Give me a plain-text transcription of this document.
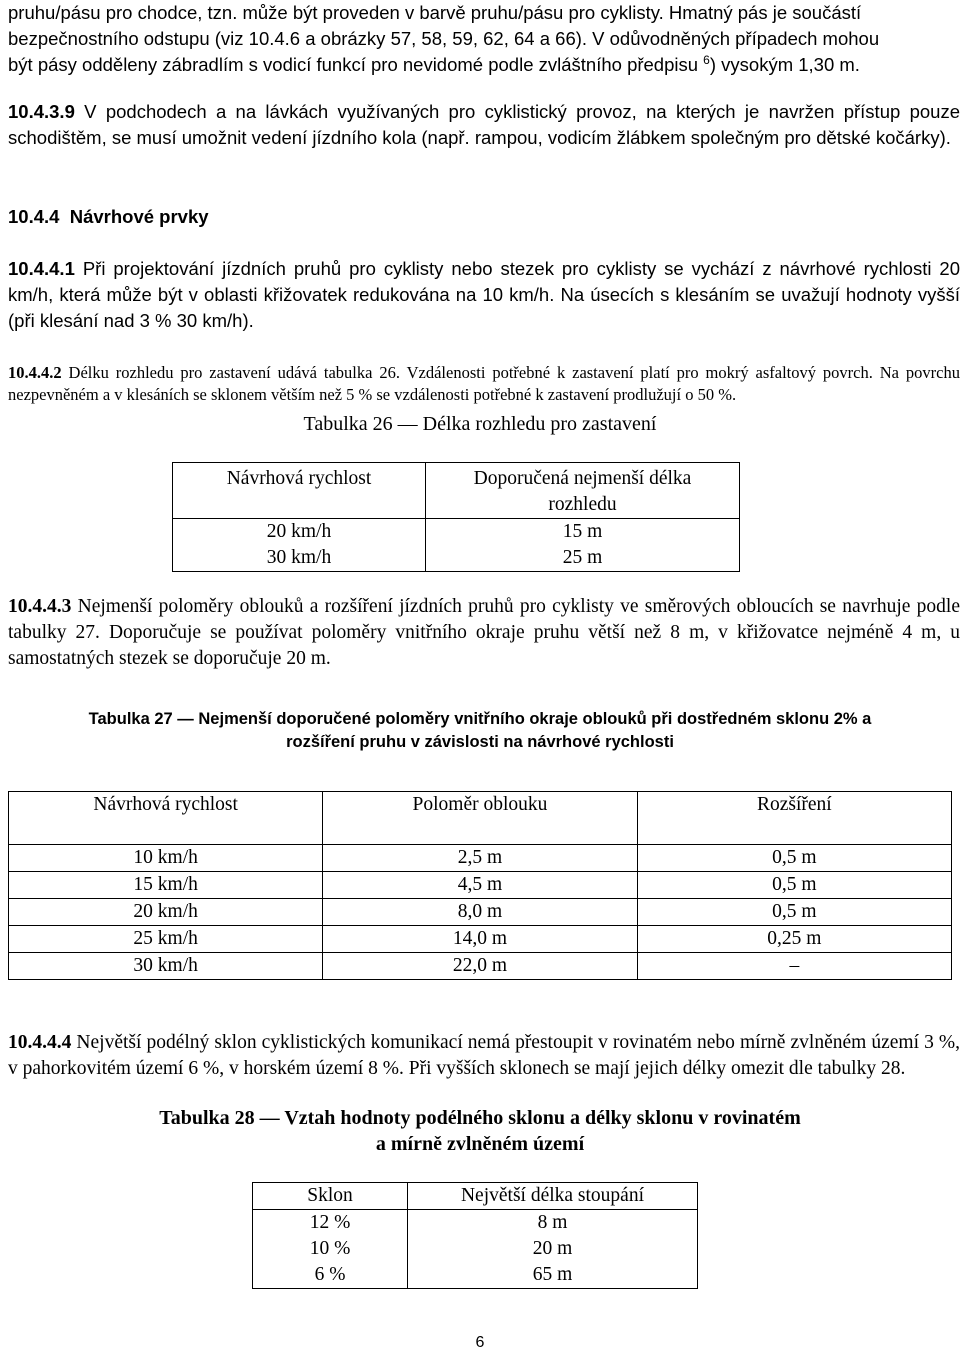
pruhu/pásu pro chodce, tzn. může být proveden v barvě pruhu/pásu pro cyklisty. Hmatný pás je součástí
bezpečnostního odstupu (viz 10.4.6 a obrázky 57, 58, 59, 62, 64 a 66). V odůvodněných případech mohou
být pásy odděleny zábradlím s vodicí funkcí pro nevidomé podle zvláštního předpisu $^6$) vysokým 1,30 m.

10.4.3.9 V podchodech a na lávkách využívaných pro cyklistický provoz, na kterých je navržen přístup pouze schodištěm, se musí umožnit vedení jízdního kola (např. rampou, vodicím žlábkem společným pro dětské kočárky).

10.4.4  Návrhové prvky

10.4.4.1 Při projektování jízdních pruhů pro cyklisty nebo stezek pro cyklisty se vychází z návrhové rychlosti 20 km/h, která může být v oblasti křižovatek redukována na 10 km/h. Na úsecích s klesáním se uvažují hodnoty vyšší (při klesání nad 3 % 30 km/h).

10.4.4.2 Délku rozhledu pro zastavení udává tabulka 26. Vzdálenosti potřebné k zastavení platí pro mokrý asfaltový povrch. Na povrchu nezpevněném a v klesáních se sklonem větším než 5 % se vzdálenosti potřebné k zastavení prodlužují o 50 %.

Tabulka 26 — Délka rozhledu pro zastavení

Návrhová rychlost	Doporučená nejmenší délka rozhledu
20 km/h	15 m
30 km/h	25 m

10.4.4.3 Nejmenší poloměry oblouků a rozšíření jízdních pruhů pro cyklisty ve směrových obloucích se navrhuje podle tabulky 27. Doporučuje se používat poloměry vnitřního okraje pruhu větší než 8 m, v křižovatce nejméně 4 m, u samostatných stezek se doporučuje 20 m.

Tabulka 27 — Nejmenší doporučené poloměry vnitřního okraje oblouků při dostředném sklonu 2% a
rozšíření pruhu v závislosti na návrhové rychlosti
Návrhová rychlost	Poloměr oblouku	Rozšíření
10 km/h	2,5 m	0,5 m
15 km/h	4,5 m	0,5 m
20 km/h	8,0 m	0,5 m
25 km/h	14,0 m	0,25 m
30 km/h	22,0 m	–

10.4.4.4 Největší podélný sklon cyklistických komunikací nemá přestoupit v rovinatém nebo mírně zvlněném území 3 %, v pahorkovitém území 6 %, v horském území 8 %. Při vyšších sklonech se mají jejich délky omezit dle tabulky 28.

Tabulka 28 — Vztah hodnoty podélného sklonu a délky sklonu v rovinatém
a mírně zvlněném území
Sklon	Největší délka stoupání
12 %	8 m
10 %	20 m
6 %	65 m
6
